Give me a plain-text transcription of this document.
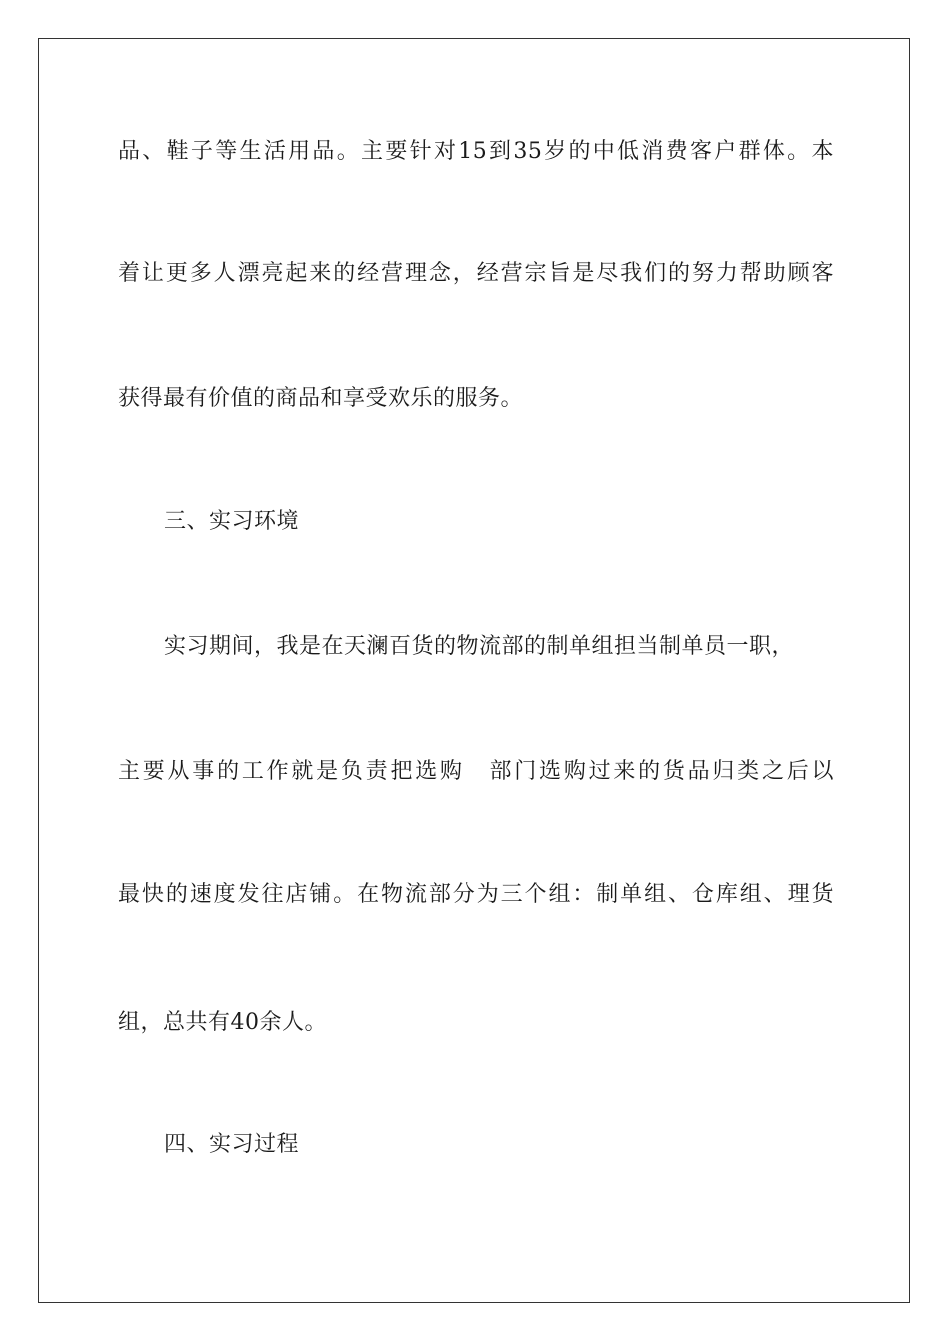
品、鞋子等生活用品。主要针对15到35岁的中低消费客户群体。本
着让更多人漂亮起来的经营理念，经营宗旨是尽我们的努力帮助顾客
获得最有价值的商品和享受欢乐的服务。
三、实习环境
实习期间，我是在天澜百货的物流部的制单组担当制单员一职，
主要从事的工作就是负责把选购　部门选购过来的货品归类之后以
最快的速度发往店铺。在物流部分为三个组：制单组、仓库组、理货
组，总共有40余人。
四、实习过程
